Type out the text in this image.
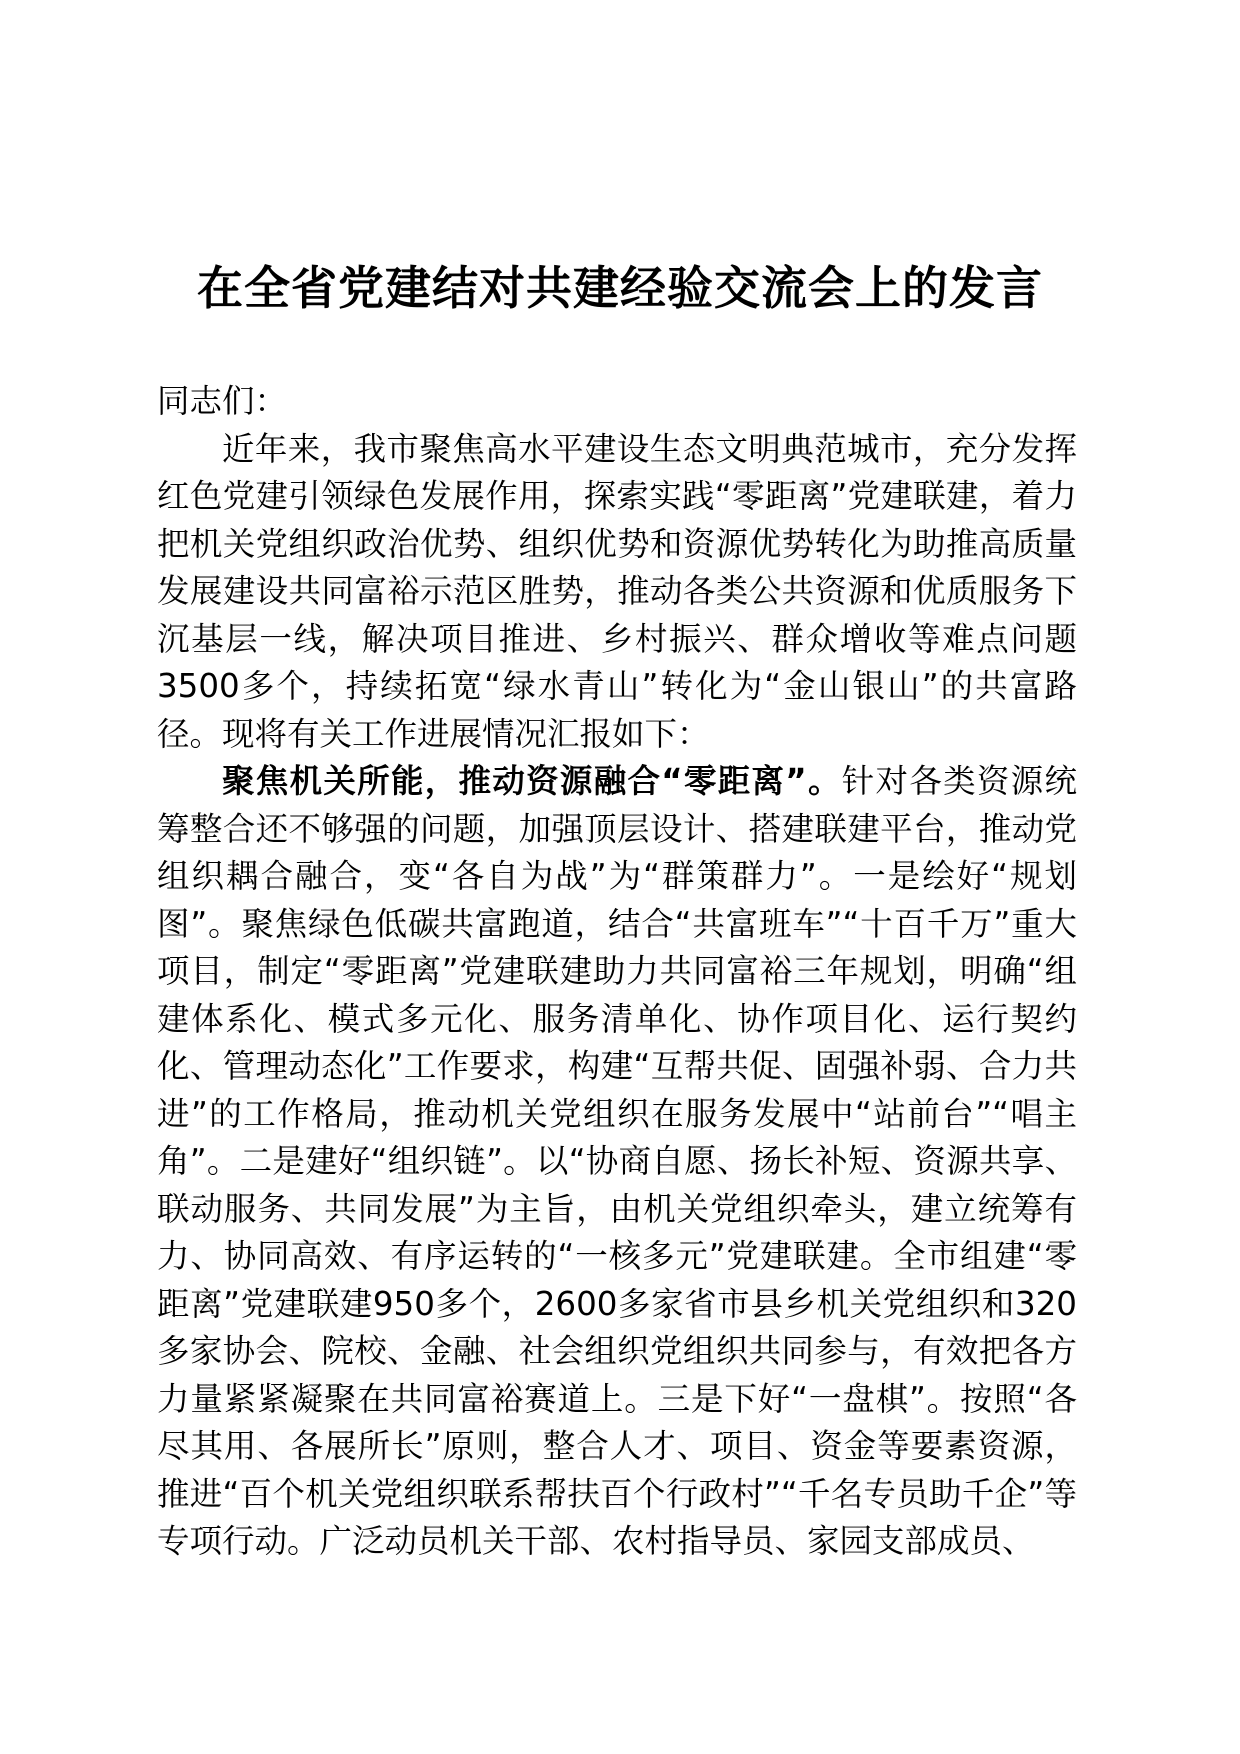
在全省党建结对共建经验交流会上的发言

同志们：

近年来，我市聚焦高水平建设生态文明典范城市，充分发挥红色党建引领绿色发展作用，探索实践“零距离”党建联建，着力把机关党组织政治优势、组织优势和资源优势转化为助推高质量发展建设共同富裕示范区胜势，推动各类公共资源和优质服务下沉基层一线，解决项目推进、乡村振兴、群众增收等难点问题3500多个，持续拓宽“绿水青山”转化为“金山银山”的共富路径。现将有关工作进展情况汇报如下：

聚焦机关所能，推动资源融合“零距离”。针对各类资源统筹整合还不够强的问题，加强顶层设计、搭建联建平台，推动党组织耦合融合，变“各自为战”为“群策群力”。一是绘好“规划图”。聚焦绿色低碳共富跑道，结合“共富班车”“十百千万”重大项目，制定“零距离”党建联建助力共同富裕三年规划，明确“组建体系化、模式多元化、服务清单化、协作项目化、运行契约化、管理动态化”工作要求，构建“互帮共促、固强补弱、合力共进”的工作格局，推动机关党组织在服务发展中“站前台”“唱主角”。二是建好“组织链”。以“协商自愿、扬长补短、资源共享、联动服务、共同发展”为主旨，由机关党组织牵头，建立统筹有力、协同高效、有序运转的“一核多元”党建联建。全市组建“零距离”党建联建950多个，2600多家省市县乡机关党组织和320多家协会、院校、金融、社会组织党组织共同参与，有效把各方力量紧紧凝聚在共同富裕赛道上。三是下好“一盘棋”。按照“各尽其用、各展所长”原则，整合人才、项目、资金等要素资源，推进“百个机关党组织联系帮扶百个行政村”“千名专员助千企”等专项行动。广泛动员机关干部、农村指导员、家园支部成员、
